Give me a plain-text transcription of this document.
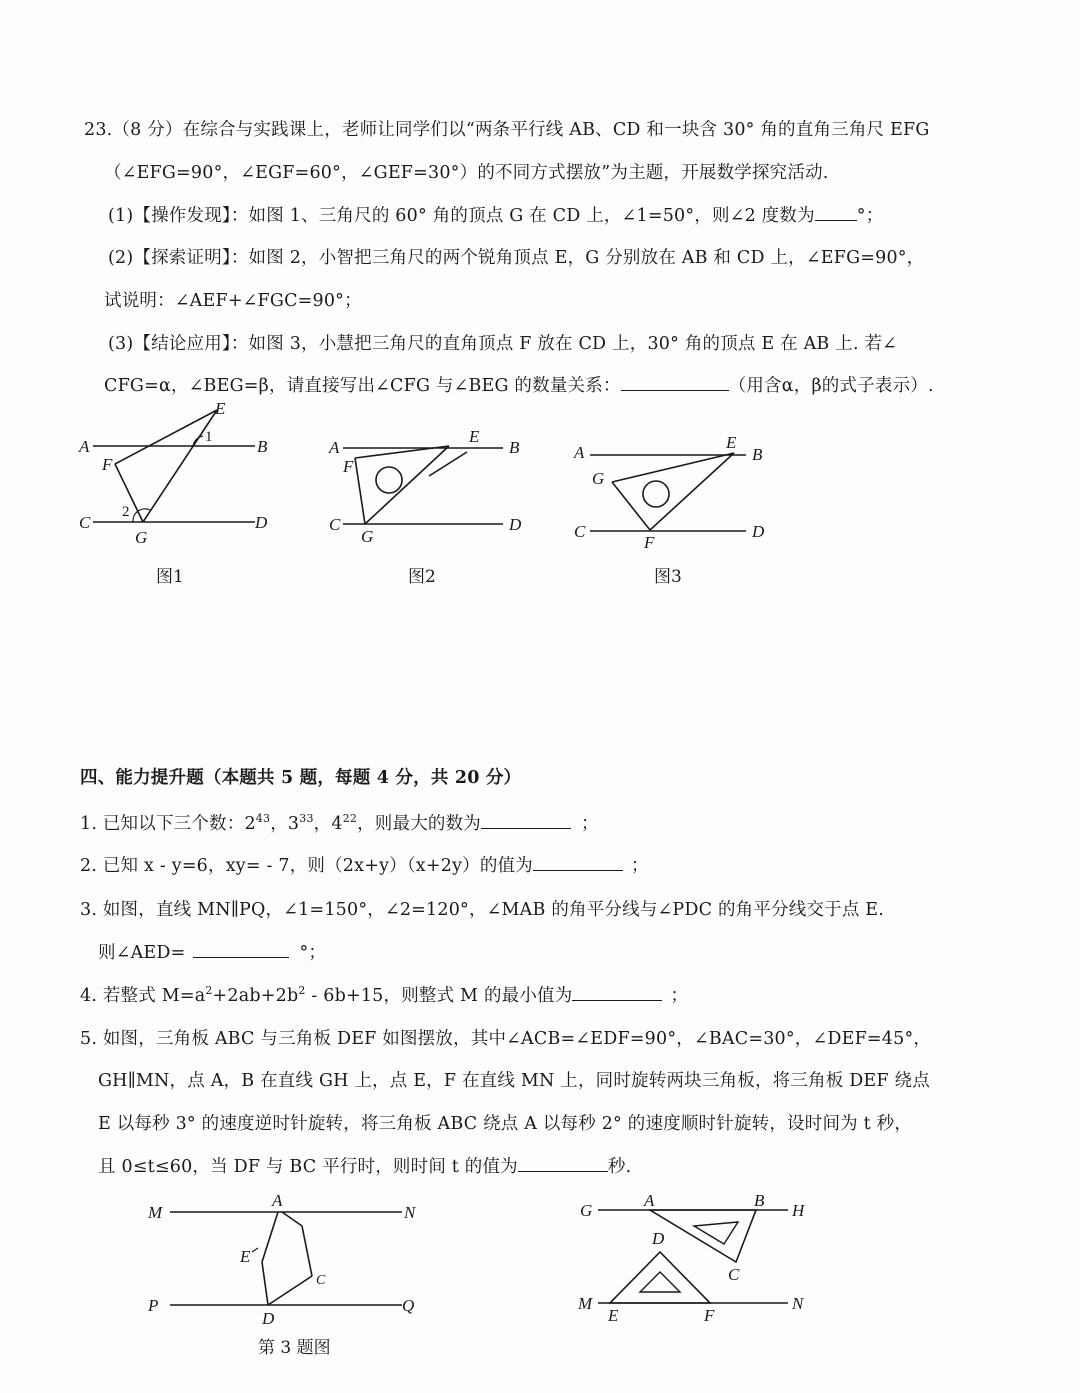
23.（8 分）在综合与实践课上，老师让同学们以“两条平行线 AB、CD 和一块含 30° 角的直角三角尺 EFG
（∠EFG=90°，∠EGF=60°，∠GEF=30°）的不同方式摆放”为主题，开展数学探究活动.
(1)【操作发现】：如图 1、三角尺的 60° 角的顶点 G 在 CD 上，∠1=50°，则∠2 度数为 °；
(2)【探索证明】：如图 2，小智把三角尺的两个锐角顶点 E，G 分别放在 AB 和 CD 上，∠EFG=90°，
试说明：∠AEF+∠FGC=90°；
(3)【结论应用】：如图 3，小慧把三角尺的直角顶点 F 放在 CD 上，30° 角的顶点 E 在 AB 上. 若∠
CFG=α，∠BEG=β，请直接写出∠CFG 与∠BEG 的数量关系：	（用含α，β的式子表示）.
A	B
C	D
E
F
G
1
2
图1
A	B
C	D
E
F
G
图2
A	B
C	D
E
F
G
图3
四、能力提升题（本题共 5 题，每题 4 分，共 20 分）
1. 已知以下三个数：$2^{43}$，$3^{33}$，$4^{22}$，则最大的数为	；
2. 已知 x - y=6，xy= - 7，则（2x+y）（x+2y）的值为	；
3. 如图，直线 MN∥PQ，∠1=150°，∠2=120°，∠MAB 的角平分线与∠PDC 的角平分线交于点 E.
则∠AED=	°；
4. 若整式 $M=a^2+2ab+2b^2 - 6b+15$，则整式 M 的最小值为	；
5. 如图，三角板 ABC 与三角板 DEF 如图摆放，其中∠ACB=∠EDF=90°，∠BAC=30°，∠DEF=45°，
GH∥MN，点 A，B 在直线 GH 上，点 E，F 在直线 MN 上，同时旋转两块三角板，将三角板 DEF 绕点
E 以每秒 3° 的速度逆时针旋转，将三角板 ABC 绕点 A 以每秒 2° 的速度顺时针旋转，设时间为 t 秒，
且 0≤t≤60，当 DF 与 BC 平行时，则时间 t 的值为	秒.
M	N
P	Q
A
D
E
C
第 3 题图
G	H
M	N
A	B
C
D
E	F
